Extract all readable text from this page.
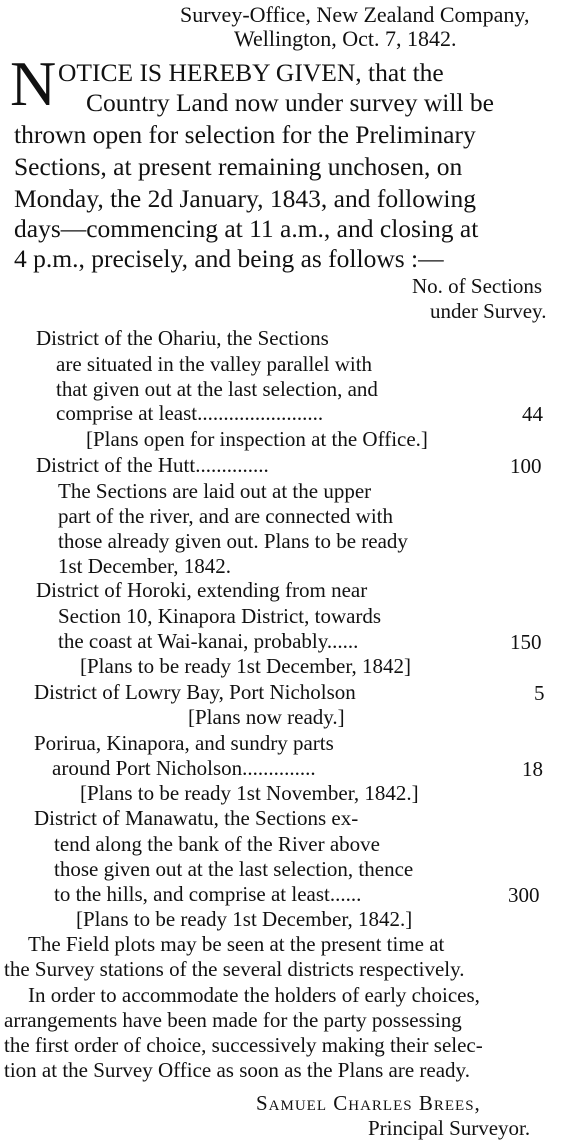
Survey-Office, New Zealand Company,
Wellington, Oct. 7, 1842.
N OTICE IS HEREBY GIVEN, that the
Country Land now under survey will be
thrown open for selection for the Preliminary
Sections, at present remaining unchosen, on
Monday, the 2d January, 1843, and following
days—commencing at 11 a.m., and closing at
4 p.m., precisely, and being as follows :—
No. of Sections
under Survey.
District of the Ohariu, the Sections
are situated in the valley parallel with
that given out at the last selection, and
comprise at least........................	44
[Plans open for inspection at the Office.]
District of the Hutt..............	100
The Sections are laid out at the upper
part of the river, and are connected with
those already given out. Plans to be ready
1st December, 1842.
District of Horoki, extending from near
Section 10, Kinapora District, towards
the coast at Wai-kanai, probably......	150
[Plans to be ready 1st December, 1842]
District of Lowry Bay, Port Nicholson	5
[Plans now ready.]
Porirua, Kinapora, and sundry parts
around Port Nicholson..............	18
[Plans to be ready 1st November, 1842.]
District of Manawatu, the Sections ex-
tend along the bank of the River above
those given out at the last selection, thence
to the hills, and comprise at least......	300
[Plans to be ready 1st December, 1842.]
The Field plots may be seen at the present time at
the Survey stations of the several districts respectively.
In order to accommodate the holders of early choices,
arrangements have been made for the party possessing
the first order of choice, successively making their selec-
tion at the Survey Office as soon as the Plans are ready.
Samuel Charles Brees,
Principal Surveyor.
